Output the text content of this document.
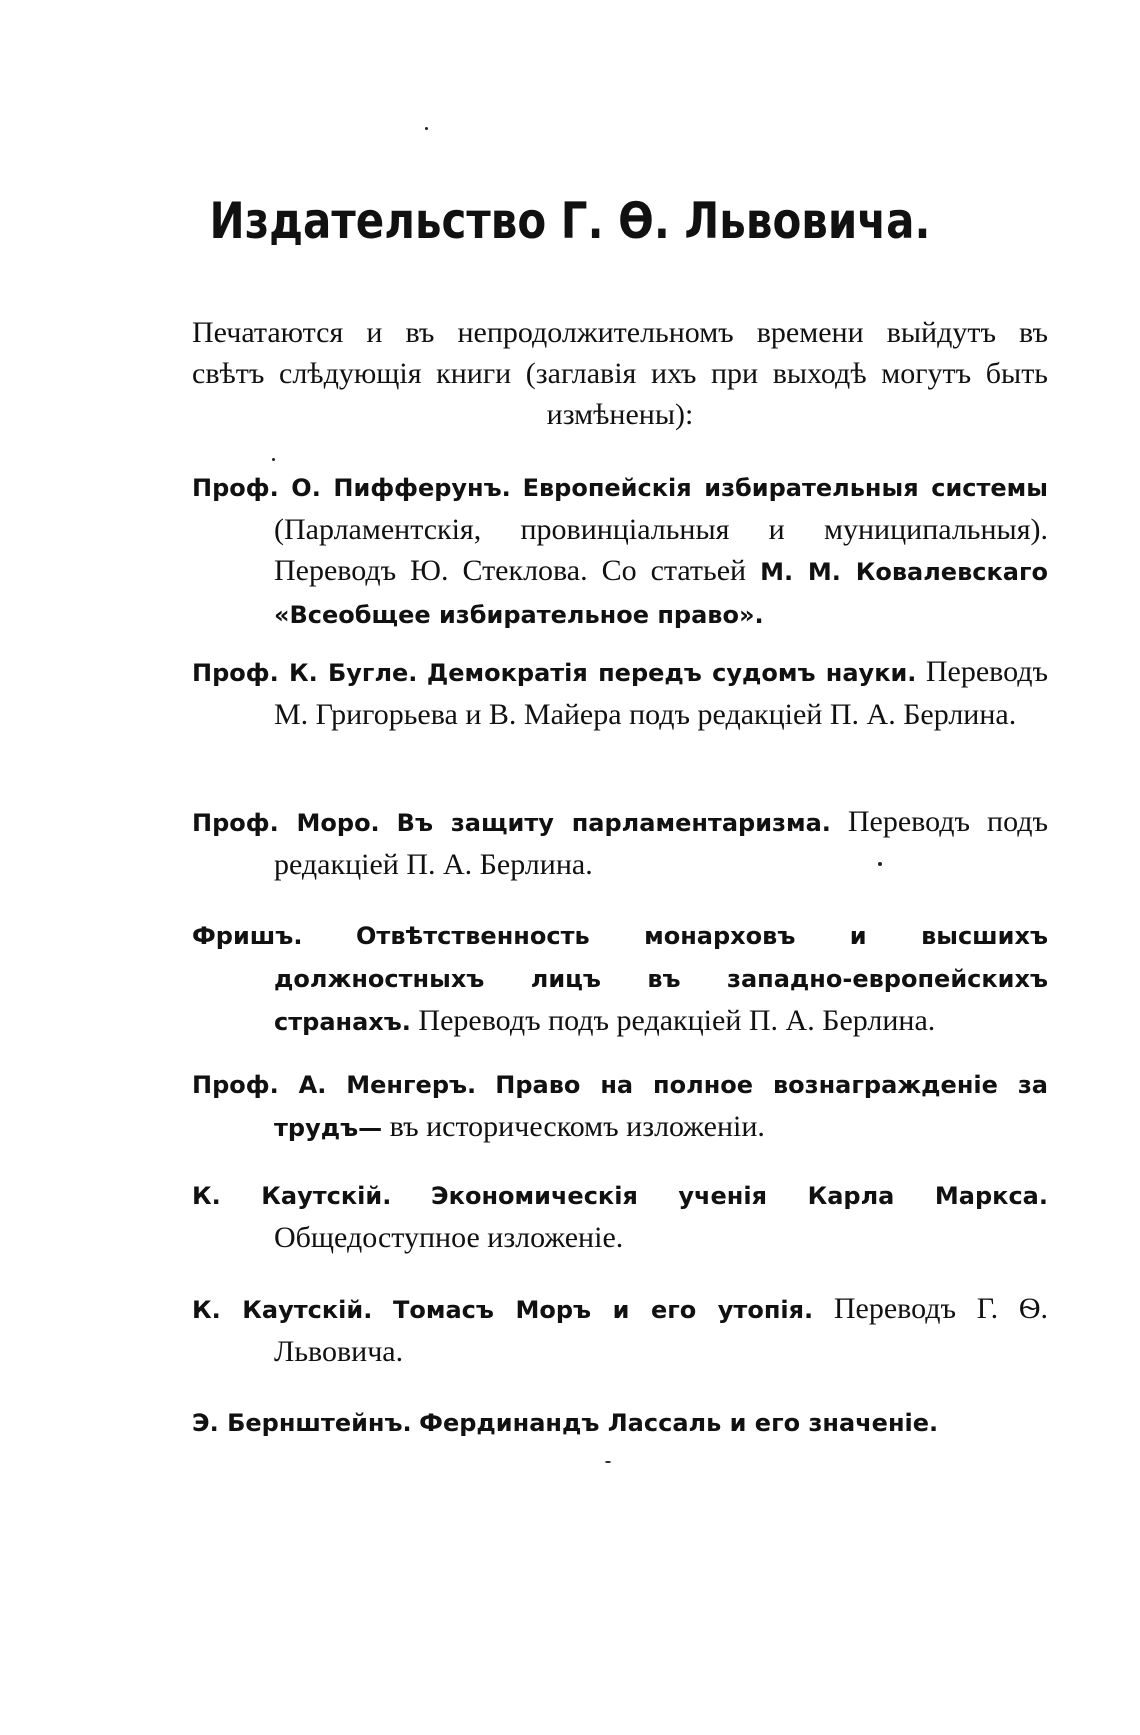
Издательство Г. Ѳ. Львовича.
Печатаются и въ непродолжительномъ времени выйдутъ въ свѣтъ слѣдующія книги (заглавія ихъ при выходѣ могутъ быть измѣнены):
Проф. О. Пифферунъ. Европейскія избирательныя системы (Парламентскія, провинціальныя и муниципальныя). Переводъ Ю. Стеклова. Со статьей М. М. Ковалевскаго «Всеобщее избирательное право».
Проф. К. Бугле. Демократія передъ судомъ науки. Переводъ М. Григорьева и В. Майера подъ редакціей П. А. Берлина.
Проф. Моро. Въ защиту парламентаризма. Переводъ подъ редакціей П. А. Берлина.
Фришъ. Отвѣтственность монарховъ и высшихъ должностныхъ лицъ въ западно-европейскихъ странахъ. Переводъ подъ редакціей П. А. Берлина.
Проф. А. Менгеръ. Право на полное вознагражденіе за трудъ— въ историческомъ изложеніи.
К. Каутскій. Экономическія ученія Карла Маркса. Общедоступное изложеніе.
К. Каутскій. Томасъ Моръ и его утопія. Переводъ Г. Ѳ. Львовича.
Э. Бернштейнъ. Фердинандъ Лассаль и его значеніе.
